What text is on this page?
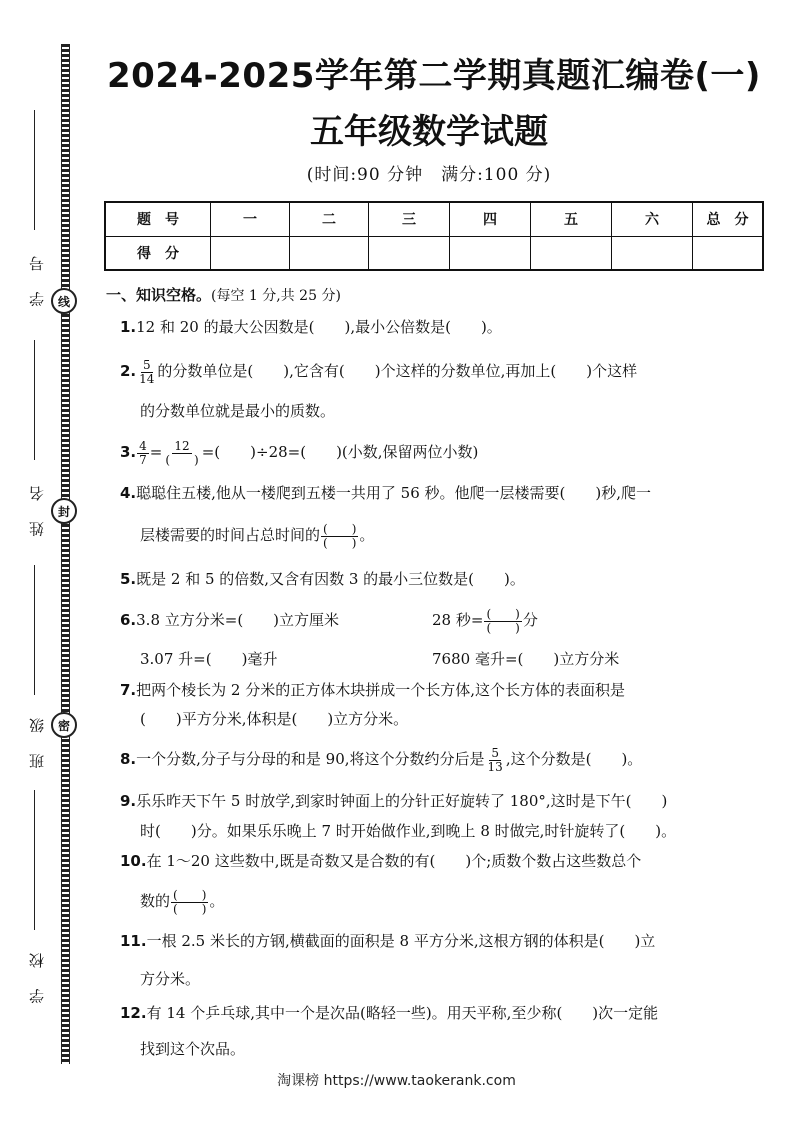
线
封
密
学 号
姓 名
班 级
学 校
2024-2025学年第二学期真题汇编卷(一)
五年级数学试题
(时间:90 分钟　满分:100 分)
题　号	一	二	三	四	五	六	总　分
得　分							
一、知识空格。(每空 1 分,共 25 分)
1.12 和 20 的最大公因数是(　　),最小公倍数是(　　)。
2. $\frac{5}{14}$ 的分数单位是(　　),它含有(　　)个这样的分数单位,再加上(　　)个这样
的分数单位就是最小的质数。
3. $\frac{4}{7} = \frac{12}{( )}$ =(　　)÷28=(　　)(小数,保留两位小数)
4.聪聪住五楼,他从一楼爬到五楼一共用了 56 秒。他爬一层楼需要(　　)秒,爬一
层楼需要的时间占总时间的 $\frac{( )}{( )}$ 。
5.既是 2 和 5 的倍数,又含有因数 3 的最小三位数是(　　)。
6.3.8 立方分米=(　　)立方厘米	28 秒= $\frac{( )}{( )}$ 分
3.07 升=(　　)毫升	7680 毫升=(　　)立方分米
7.把两个棱长为 2 分米的正方体木块拼成一个长方体,这个长方体的表面积是
(　　)平方分米,体积是(　　)立方分米。
8.一个分数,分子与分母的和是 90,将这个分数约分后是 $\frac{5}{13}$ ,这个分数是(　　)。
9.乐乐昨天下午 5 时放学,到家时钟面上的分针正好旋转了 180°,这时是下午(　　)
时(　　)分。如果乐乐晚上 7 时开始做作业,到晚上 8 时做完,时针旋转了(　　)。
10.在 1～20 这些数中,既是奇数又是合数的有(　　)个;质数个数占这些数总个
数的 $\frac{( )}{( )}$ 。
11.一根 2.5 米长的方钢,横截面的面积是 8 平方分米,这根方钢的体积是(　　)立
方分米。
12.有 14 个乒乓球,其中一个是次品(略轻一些)。用天平称,至少称(　　)次一定能
找到这个次品。
淘课榜 https://www.taokerank.com
